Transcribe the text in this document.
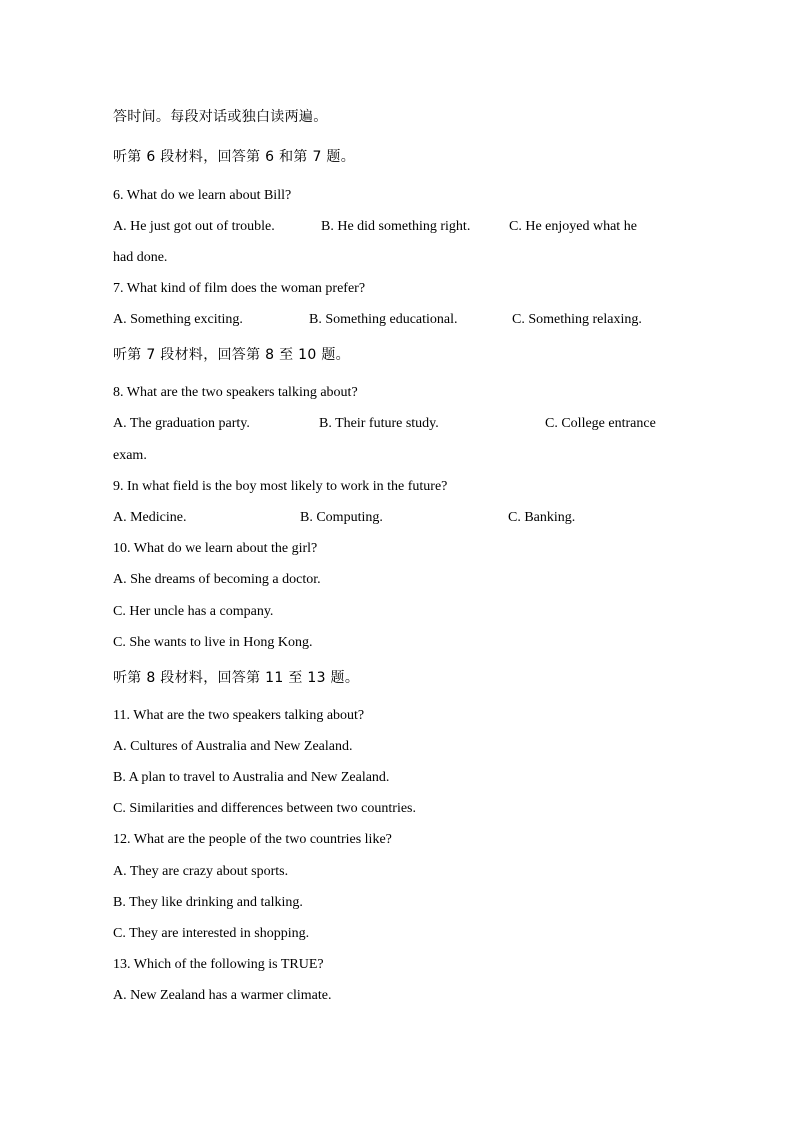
答时间。每段对话或独白读两遍。

听第 6 段材料，回答第 6 和第 7 题。

6. What do we learn about Bill?

A. He just got out of trouble.	B. He did something right.	C. He enjoyed what he

had done.

7. What kind of film does the woman prefer?

A. Something exciting.	B. Something educational.	C. Something relaxing.

听第 7 段材料，回答第 8 至 10 题。

8. What are the two speakers talking about?

A. The graduation party.	B. Their future study.	C. College entrance

exam.

9. In what field is the boy most likely to work in the future?

A. Medicine.	B. Computing.	C. Banking.

10. What do we learn about the girl?

A. She dreams of becoming a doctor.

C. Her uncle has a company.

C. She wants to live in Hong Kong.

听第 8 段材料，回答第 11 至 13 题。

11. What are the two speakers talking about?

A. Cultures of Australia and New Zealand.

B. A plan to travel to Australia and New Zealand.

C. Similarities and differences between two countries.

12. What are the people of the two countries like?

A. They are crazy about sports.

B. They like drinking and talking.

C. They are interested in shopping.

13. Which of the following is TRUE?

A. New Zealand has a warmer climate.
